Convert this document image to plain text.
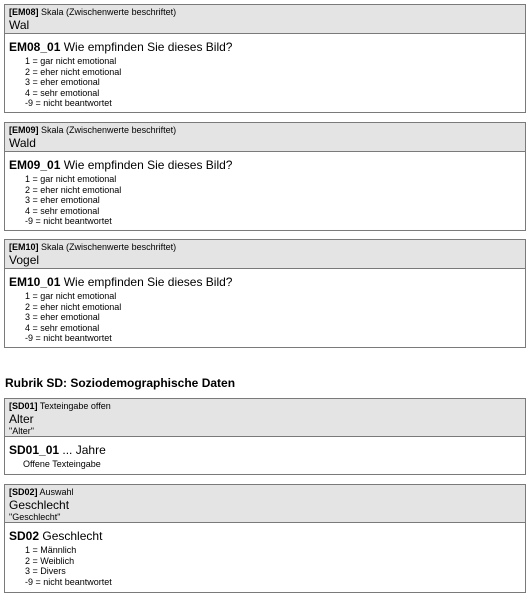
[EM08] Skala (Zwischenwerte beschriftet)
Wal
EM08_01 Wie empfinden Sie dieses Bild?
1 = gar nicht emotional
2 = eher nicht emotional
3 = eher emotional
4 = sehr emotional
-9 = nicht beantwortet
[EM09] Skala (Zwischenwerte beschriftet)
Wald
EM09_01 Wie empfinden Sie dieses Bild?
1 = gar nicht emotional
2 = eher nicht emotional
3 = eher emotional
4 = sehr emotional
-9 = nicht beantwortet
[EM10] Skala (Zwischenwerte beschriftet)
Vogel
EM10_01 Wie empfinden Sie dieses Bild?
1 = gar nicht emotional
2 = eher nicht emotional
3 = eher emotional
4 = sehr emotional
-9 = nicht beantwortet
Rubrik SD: Soziodemographische Daten
[SD01] Texteingabe offen
Alter
"Alter"
SD01_01 ... Jahre
Offene Texteingabe
[SD02] Auswahl
Geschlecht
"Geschlecht"
SD02 Geschlecht
1 = Männlich
2 = Weiblich
3 = Divers
-9 = nicht beantwortet
